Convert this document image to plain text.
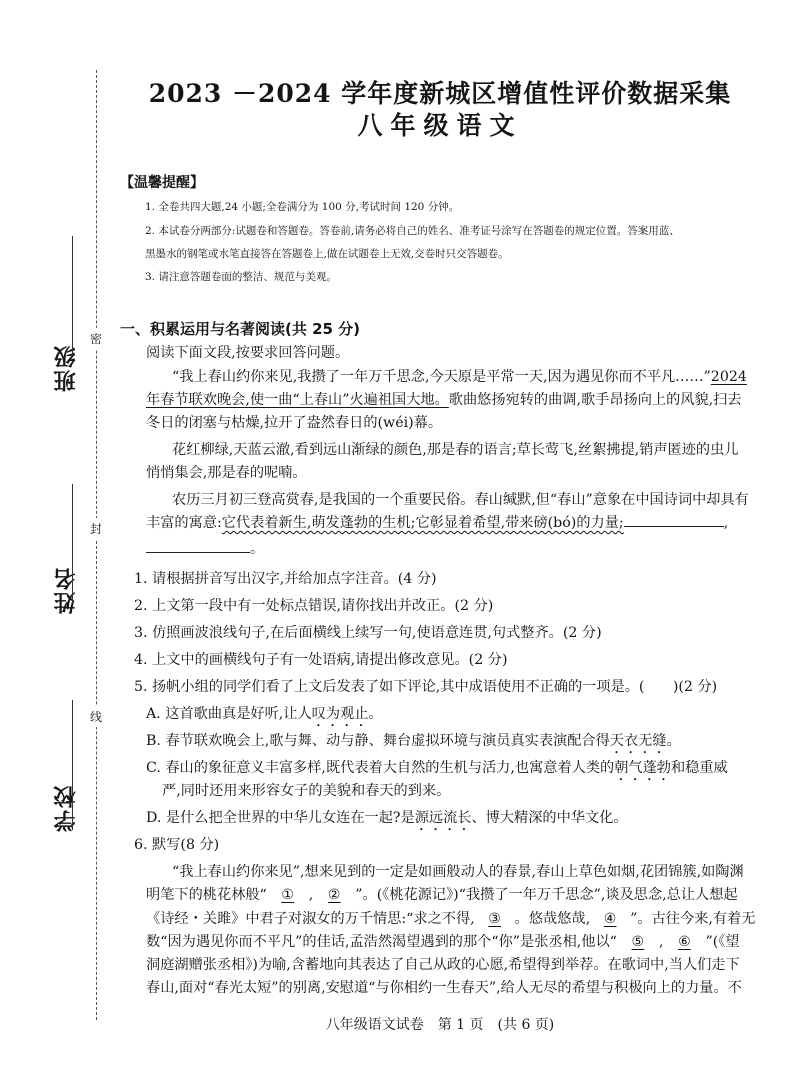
密
封
线
班级
姓名
学校
2023 －2024 学年度新城区增值性评价数据采集
八年级语文
【温馨提醒】
1. 全卷共四大题,24 小题;全卷满分为 100 分,考试时间 120 分钟。
2. 本试卷分两部分:试题卷和答题卷。答卷前,请务必将自己的姓名、准考证号涂写在答题卷的规定位置。答案用蓝、
黑墨水的钢笔或水笔直接答在答题卷上,做在试题卷上无效,交卷时只交答题卷。
3. 请注意答题卷面的整洁、规范与美观。
一、积累运用与名著阅读(共 25 分)
阅读下面文段,按要求回答问题。
“我上春山约你来见,我攒了一年万千思念,今天原是平常一天,因为遇见你而不平凡……”2024
年春节联欢晚会,使一曲“上春山”火遍祖国大地。歌曲悠扬宛转的曲调,歌手昂扬向上的风貌,扫去
冬日的闭塞与枯燥,拉开了盎然春日的(wéi)幕。
花红柳绿,天蓝云澈,看到远山渐绿的颜色,那是春的语言;草长莺飞,丝絮拂提,销声匿迹的虫儿
悄悄集会,那是春的呢喃。
农历三月初三登高赏春,是我国的一个重要民俗。春山缄默,但“春山”意象在中国诗词中却具有
丰富的寓意:它代表着新生,萌发蓬勃的生机;它彰显着希望,带来磅(bó)的力量;	,
。
1. 请根据拼音写出汉字,并给加点字注音。(4 分)
2. 上文第一段中有一处标点错误,请你找出并改正。(2 分)
3. 仿照画波浪线句子,在后面横线上续写一句,使语意连贯,句式整齐。(2 分)
4. 上文中的画横线句子有一处语病,请提出修改意见。(2 分)
5. 扬帆小组的同学们看了上文后发表了如下评论,其中成语使用不正确的一项是。(　　)(2 分)
A. 这首歌曲真是好听,让人叹为观止。
B. 春节联欢晚会上,歌与舞、动与静、舞台虚拟环境与演员真实表演配合得天衣无缝。
C. 春山的象征意义丰富多样,既代表着大自然的生机与活力,也寓意着人类的朝气蓬勃和稳重威
严,同时还用来形容女子的美貌和春天的到来。
D. 是什么把全世界的中华儿女连在一起?是源远流长、博大精深的中华文化。
6. 默写(8 分)
“我上春山约你来见”,想来见到的一定是如画般动人的春景,春山上草色如烟,花团锦簇,如陶渊
明笔下的桃花林般“ ① , ② ”。(《桃花源记》)“我攒了一年万千思念”,谈及思念,总让人想起
《诗经・关雎》中君子对淑女的万千情思:“求之不得, ③ 。悠哉悠哉, ④ ”。古往今来,有着无
数“因为遇见你而不平凡”的佳话,孟浩然渴望遇到的那个“你”是张丞相,他以“ ⑤ , ⑥ ”(《望
洞庭湖赠张丞相》)为喻,含蓄地向其表达了自己从政的心愿,希望得到举荐。在歌词中,当人们走下
春山,面对“春光太短”的别离,安慰道“与你相约一生春天”,给人无尽的希望与积极向上的力量。不
八年级语文试卷　第 1 页　(共 6 页)
